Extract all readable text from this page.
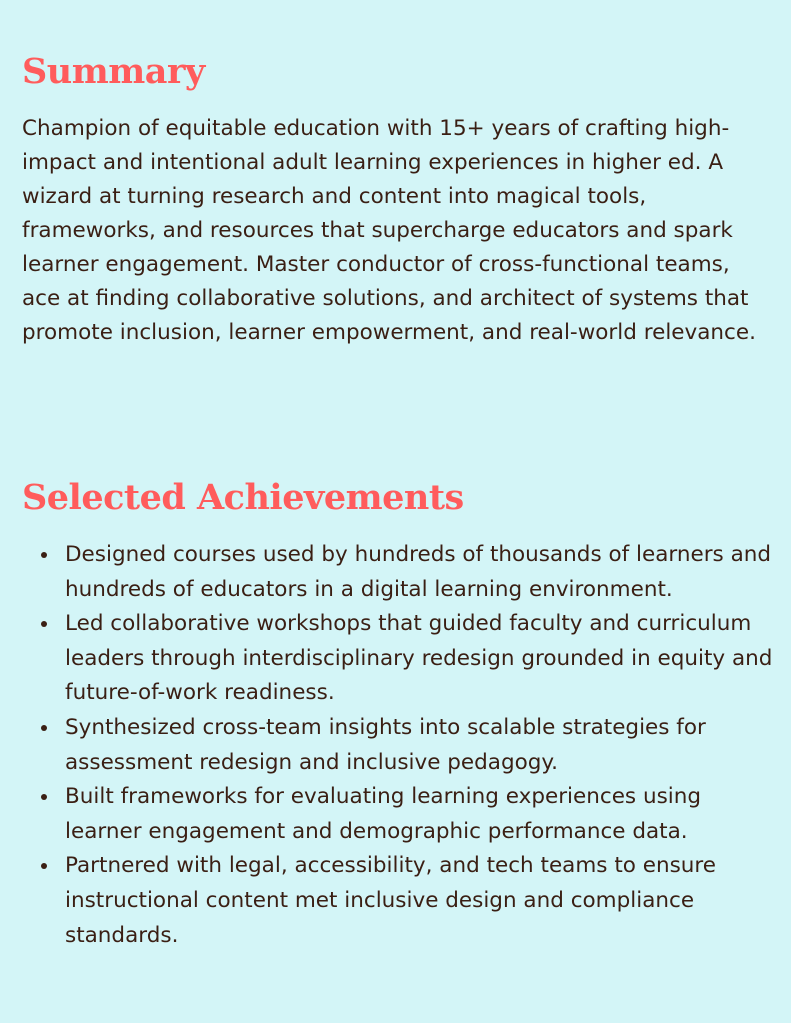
Summary

Champion of equitable education with 15+ years of crafting high-impact and intentional adult learning experiences in higher ed. A wizard at turning research and content into magical tools, frameworks, and resources that supercharge educators and spark learner engagement. Master conductor of cross-functional teams, ace at finding collaborative solutions, and architect of systems that promote inclusion, learner empowerment, and real-world relevance.

Selected Achievements
Designed courses used by hundreds of thousands of learners and hundreds of educators in a digital learning environment.
Led collaborative workshops that guided faculty and curriculum leaders through interdisciplinary redesign grounded in equity and future-of-work readiness.
Synthesized cross-team insights into scalable strategies for assessment redesign and inclusive pedagogy.
Built frameworks for evaluating learning experiences using learner engagement and demographic performance data.
Partnered with legal, accessibility, and tech teams to ensure instructional content met inclusive design and compliance standards.
